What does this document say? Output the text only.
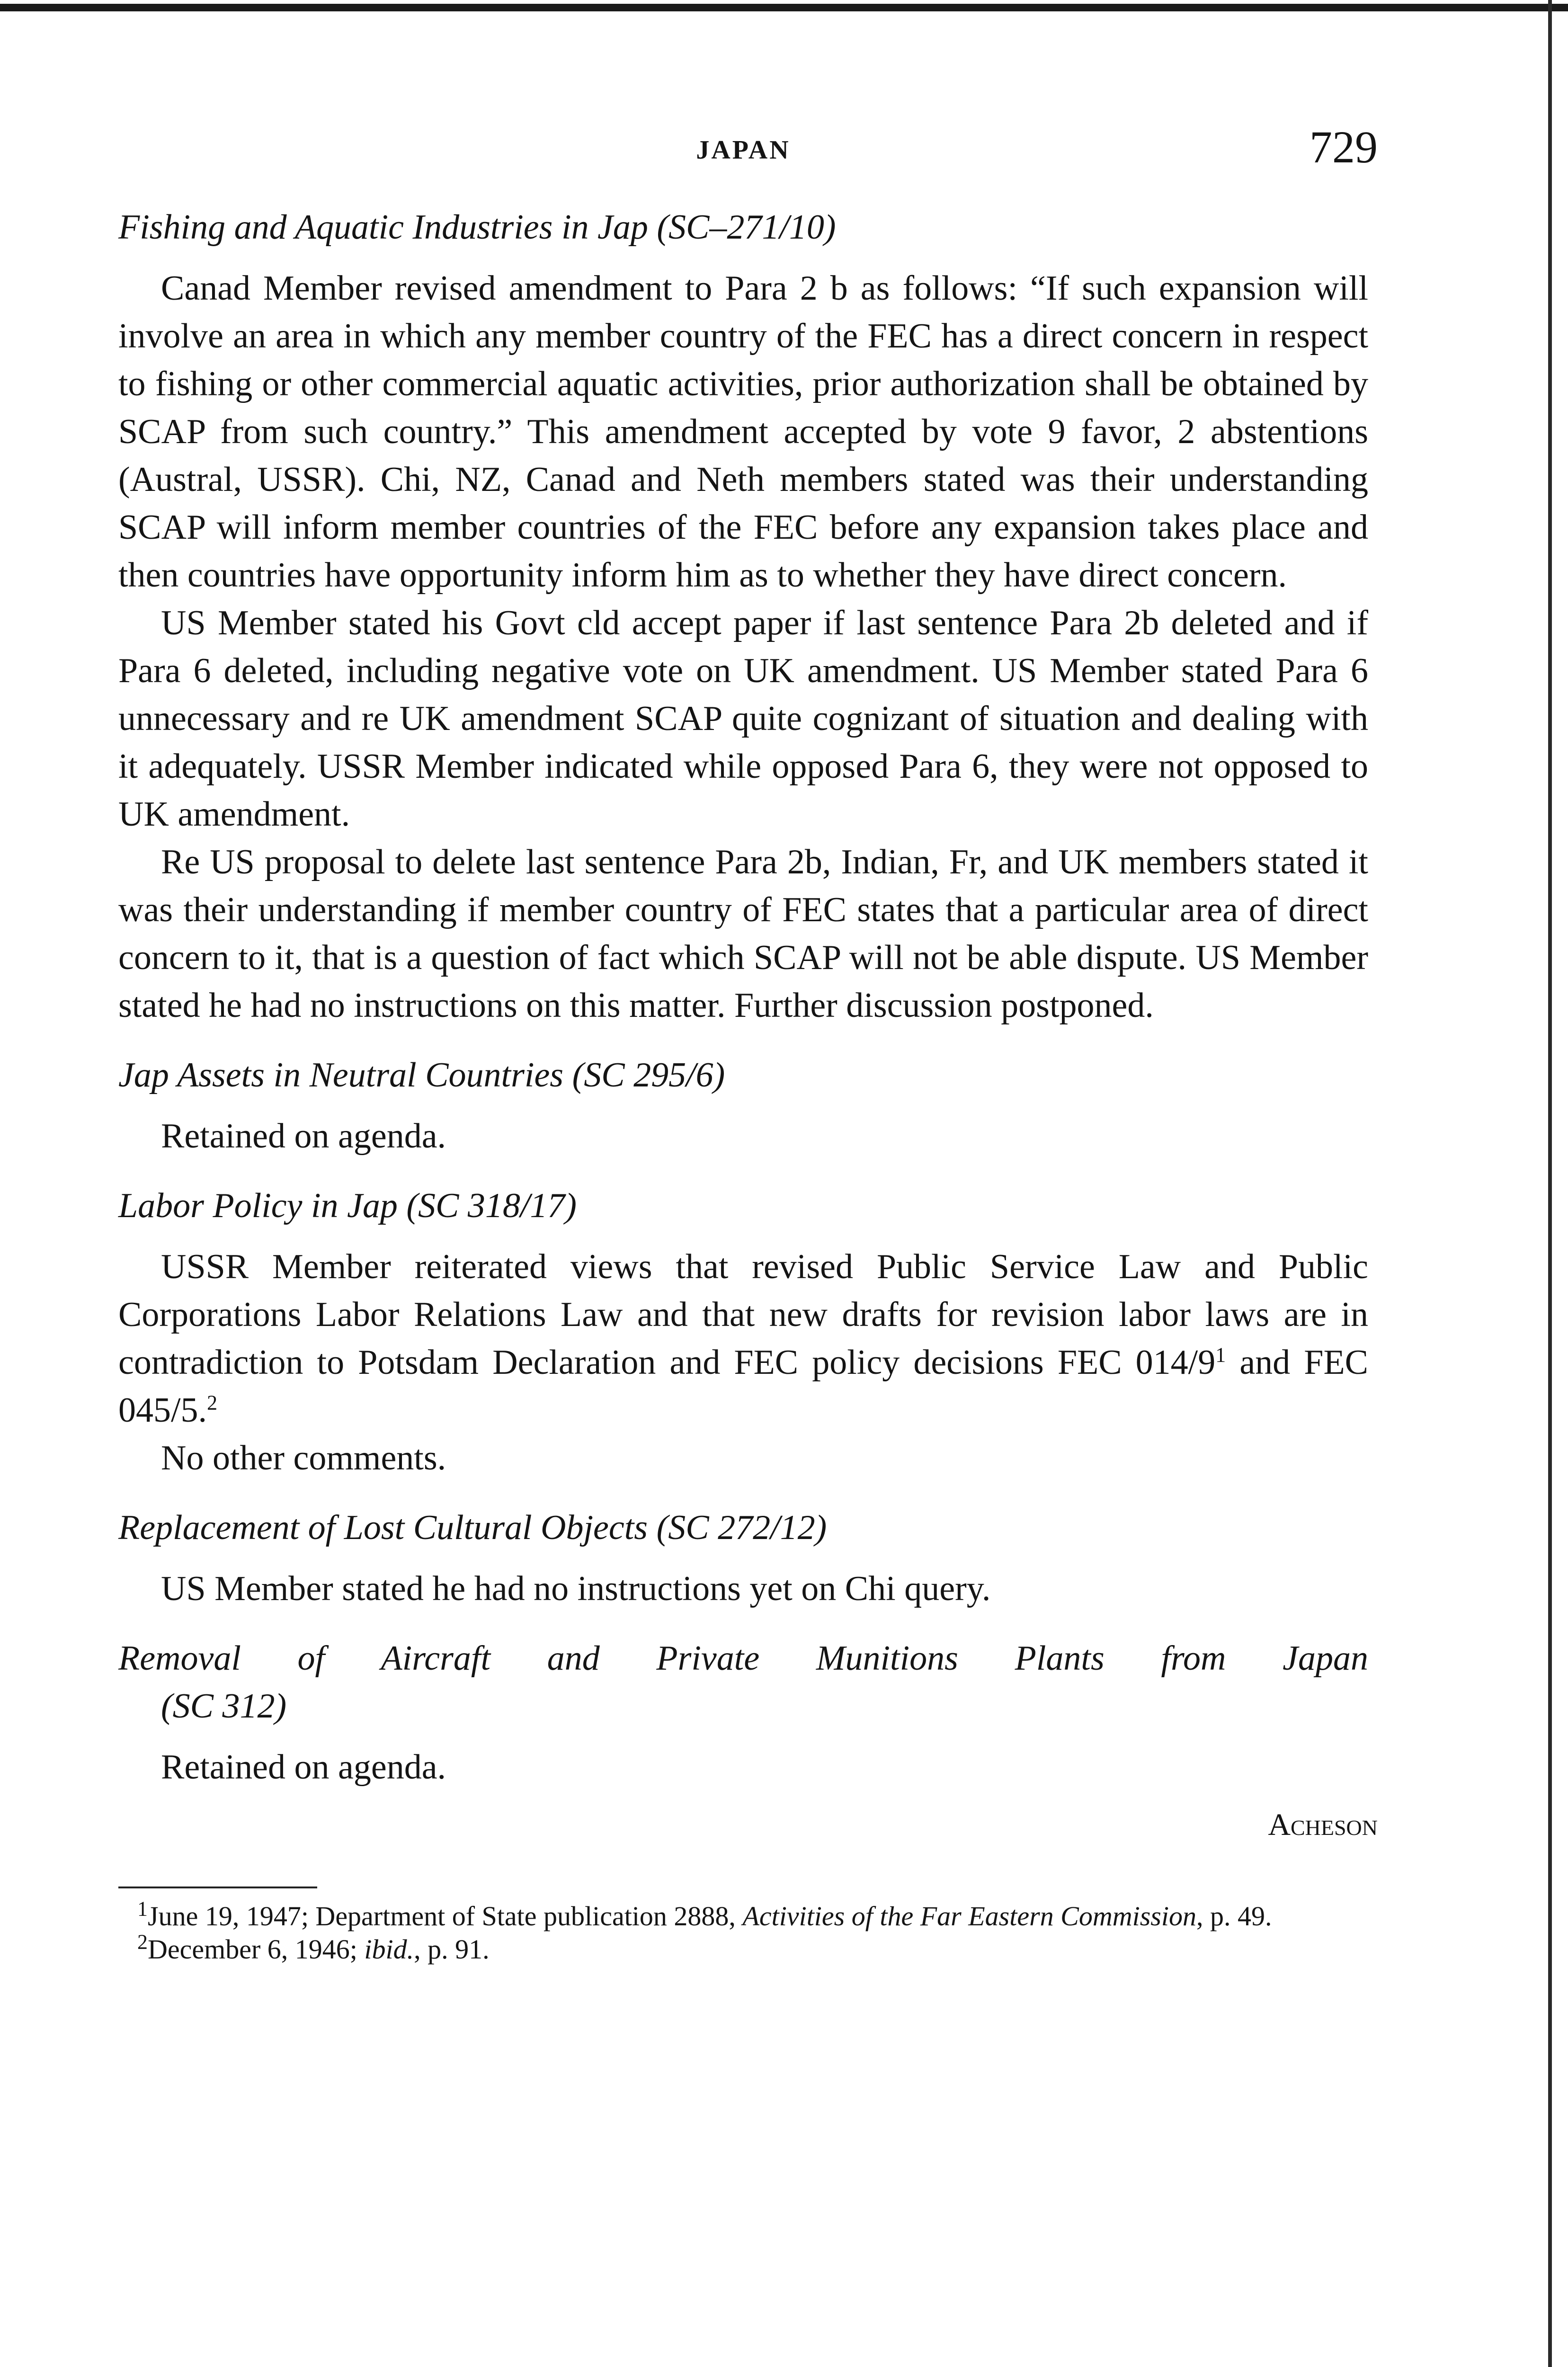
JAPAN	729

Fishing and Aquatic Industries in Jap (SC–271/10)

Canad Member revised amendment to Para 2 b as follows: “If such expansion will involve an area in which any member country of the FEC has a direct concern in respect to fishing or other commercial aquatic activities, prior authorization shall be obtained by SCAP from such country.” This amendment accepted by vote 9 favor, 2 abstentions (Austral, USSR). Chi, NZ, Canad and Neth members stated was their understanding SCAP will inform member countries of the FEC before any expansion takes place and then countries have opportunity inform him as to whether they have direct concern.

US Member stated his Govt cld accept paper if last sentence Para 2b deleted and if Para 6 deleted, including negative vote on UK amendment. US Member stated Para 6 unnecessary and re UK amendment SCAP quite cognizant of situation and dealing with it adequately. USSR Member indicated while opposed Para 6, they were not opposed to UK amendment.

Re US proposal to delete last sentence Para 2b, Indian, Fr, and UK members stated it was their understanding if member country of FEC states that a particular area of direct concern to it, that is a question of fact which SCAP will not be able dispute. US Member stated he had no instructions on this matter. Further discussion postponed.

Jap Assets in Neutral Countries (SC 295/6)

Retained on agenda.

Labor Policy in Jap (SC 318/17)

USSR Member reiterated views that revised Public Service Law and Public Corporations Labor Relations Law and that new drafts for revision labor laws are in contradiction to Potsdam Declaration and FEC policy decisions FEC $014/9^1$ and FEC 045/5.$^2$

No other comments.

Replacement of Lost Cultural Objects (SC 272/12)

US Member stated he had no instructions yet on Chi query.

Removal of Aircraft and Private Munitions Plants from Japan
(SC 312)

Retained on agenda.

Acheson

$^1$June 19, 1947; Department of State publication 2888, Activities of the Far Eastern Commission, p. 49.

$^2$December 6, 1946; ibid., p. 91.
